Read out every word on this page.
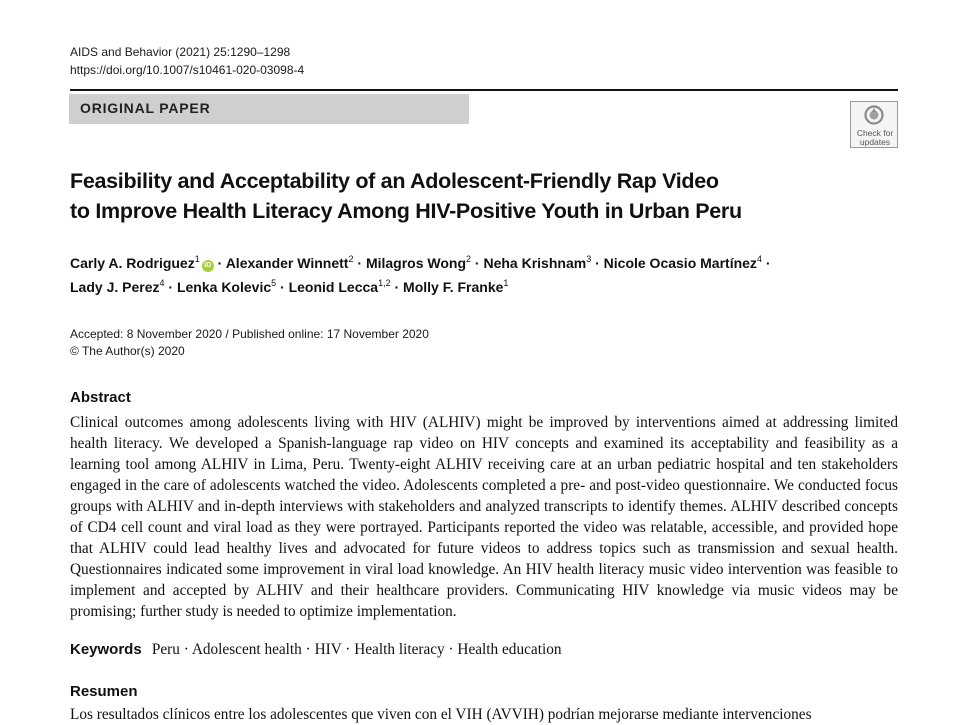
AIDS and Behavior (2021) 25:1290–1298
https://doi.org/10.1007/s10461-020-03098-4
ORIGINAL PAPER
Check for
updates
Feasibility and Acceptability of an Adolescent-Friendly Rap Video
to Improve Health Literacy Among HIV-Positive Youth in Urban Peru
Carly A. Rodriguez$^1$iD · Alexander Winnett$^2$ · Milagros Wong$^2$ · Neha Krishnam$^3$ · Nicole Ocasio Martínez$^4$ ·
Lady J. Perez$^4$ · Lenka Kolevic$^5$ · Leonid Lecca$^{1,2}$ · Molly F. Franke$^1$
Accepted: 8 November 2020 / Published online: 17 November 2020
© The Author(s) 2020
Abstract
Clinical outcomes among adolescents living with HIV (ALHIV) might be improved by interventions aimed at addressing limited health literacy. We developed a Spanish-language rap video on HIV concepts and examined its acceptability and feasibility as a learning tool among ALHIV in Lima, Peru. Twenty-eight ALHIV receiving care at an urban pediatric hospital and ten stakeholders engaged in the care of adolescents watched the video. Adolescents completed a pre- and post-video questionnaire. We conducted focus groups with ALHIV and in-depth interviews with stakeholders and analyzed transcripts to identify themes. ALHIV described concepts of CD4 cell count and viral load as they were portrayed. Participants reported the video was relatable, accessible, and provided hope that ALHIV could lead healthy lives and advocated for future videos to address topics such as transmission and sexual health. Questionnaires indicated some improvement in viral load knowledge. An HIV health literacy music video intervention was feasible to implement and accepted by ALHIV and their healthcare providers. Communicating HIV knowledge via music videos may be promising; further study is needed to optimize implementation.
Keywords Peru · Adolescent health · HIV · Health literacy · Health education
Resumen
Los resultados clínicos entre los adolescentes que viven con el VIH (AVVIH) podrían mejorarse mediante intervenciones
